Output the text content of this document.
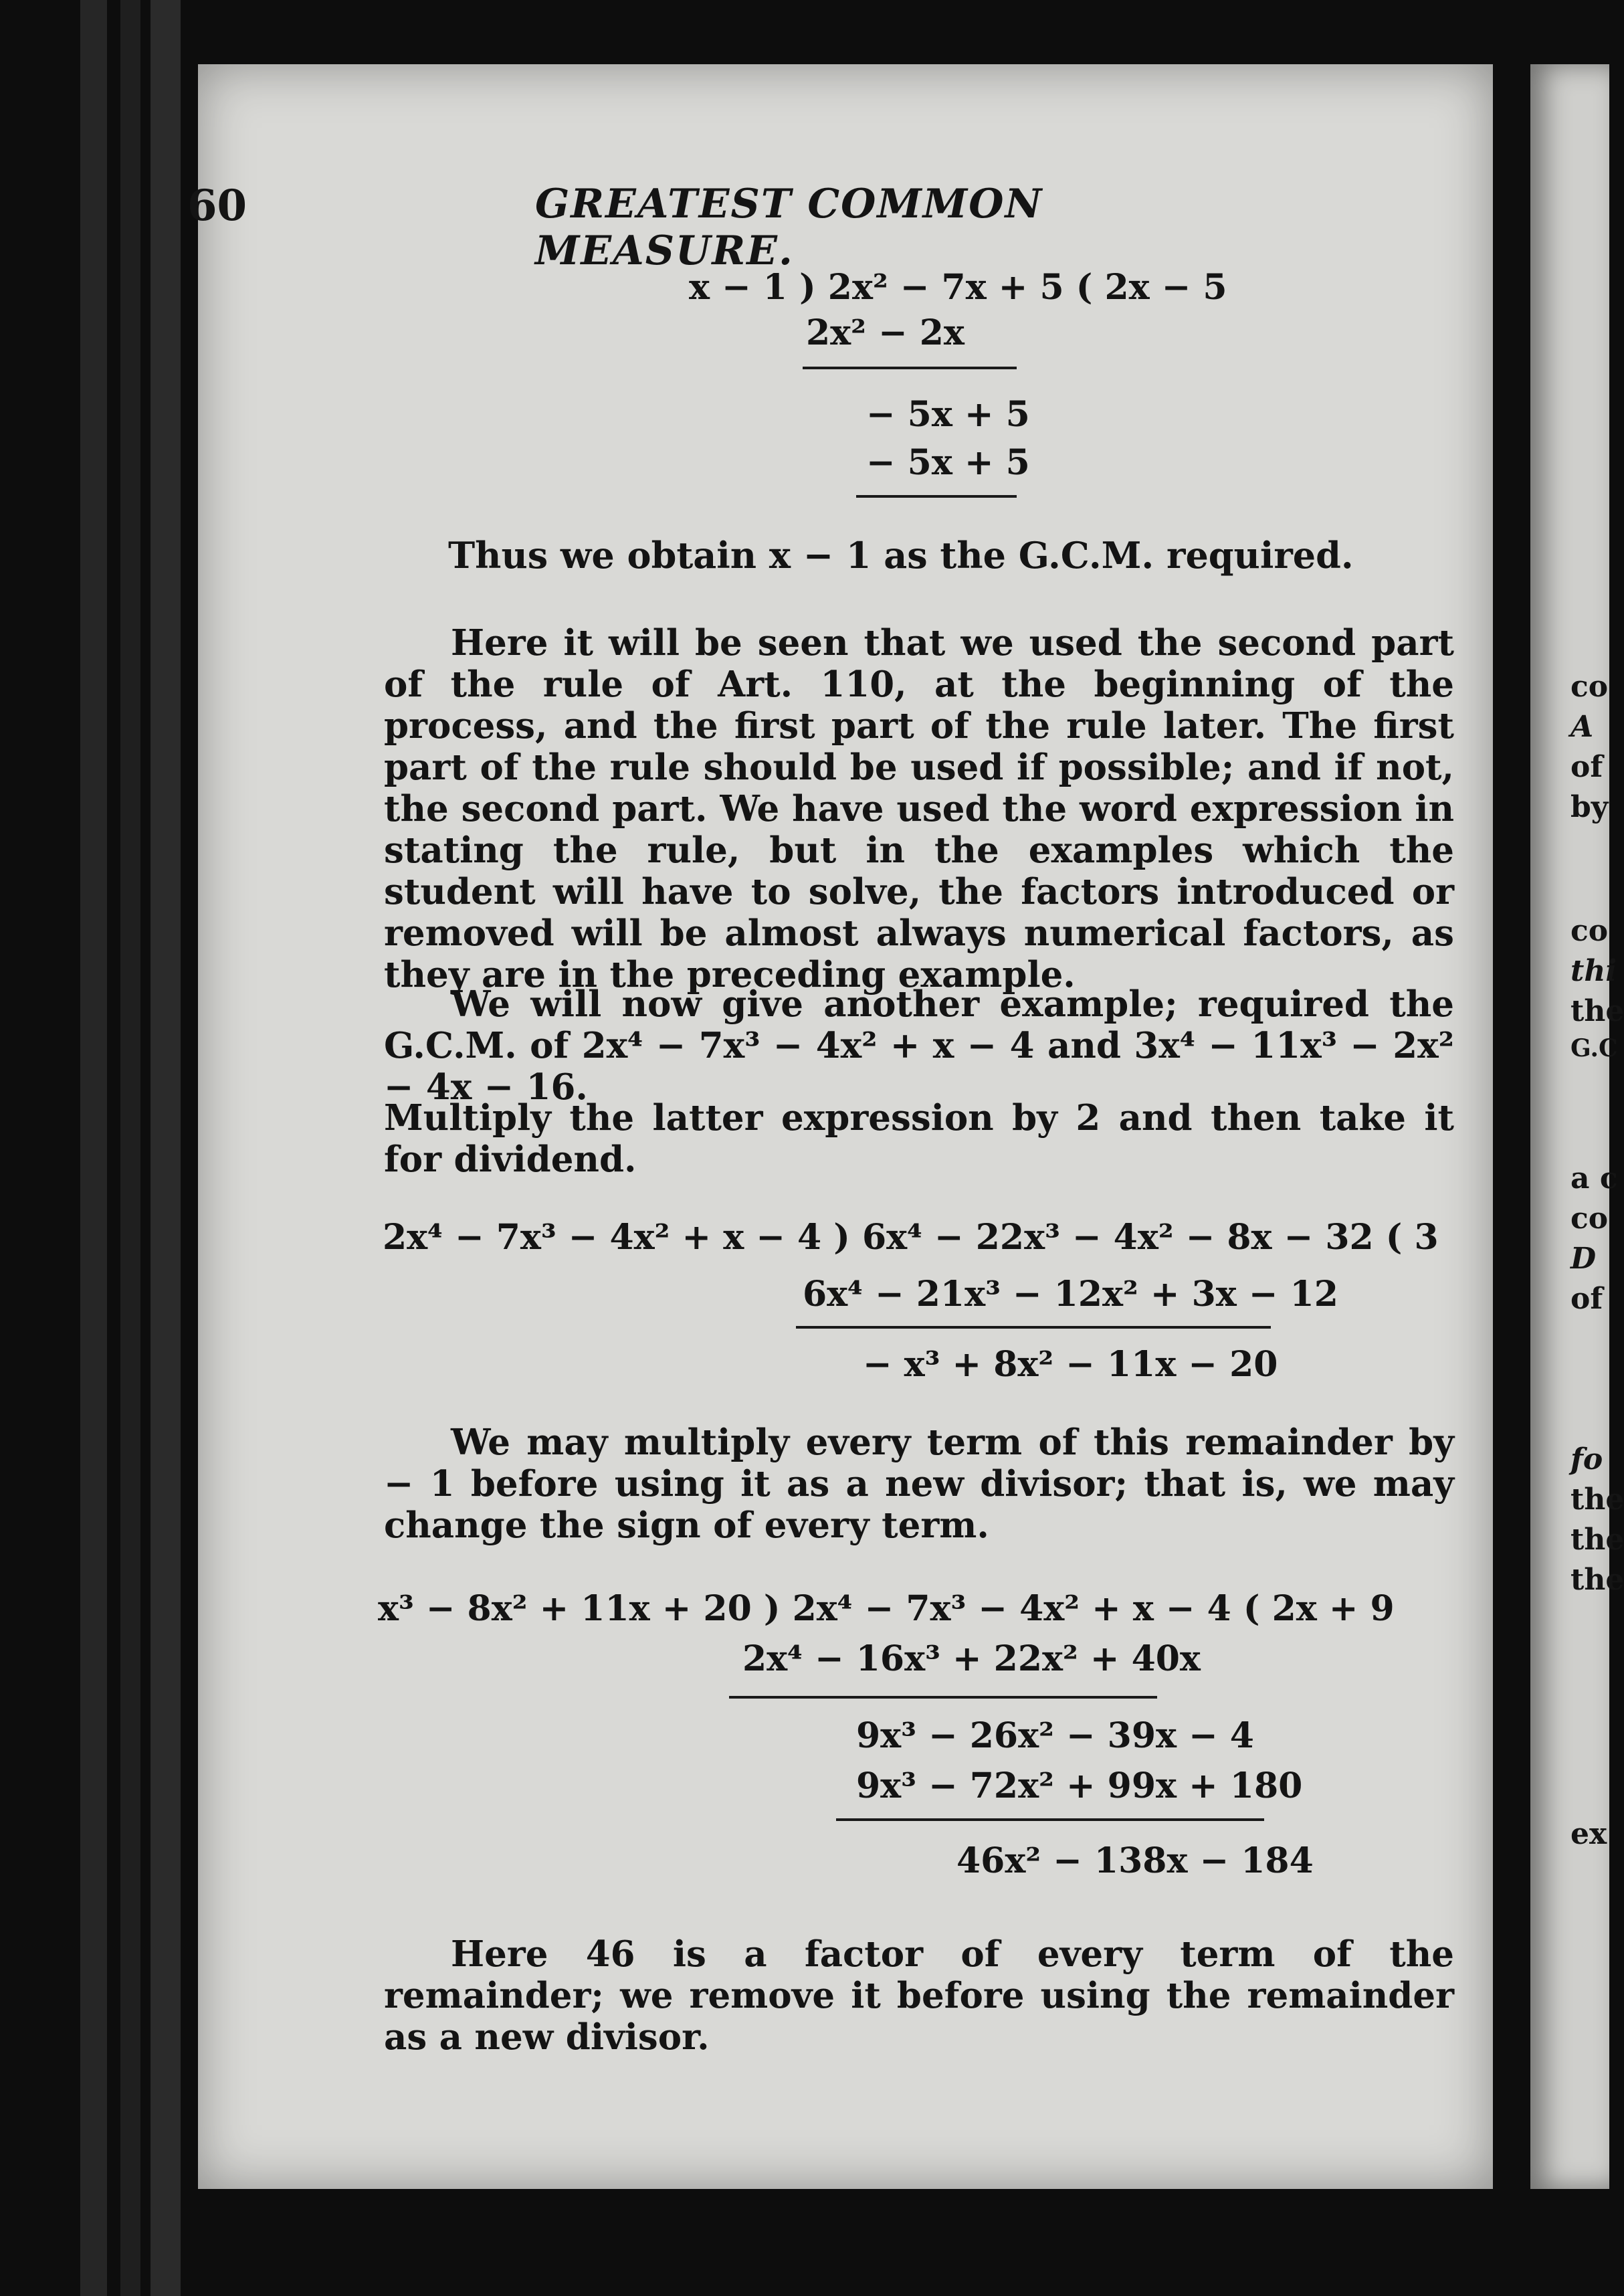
co
A
of
by
co
thi
the
G.C
a c
co
D
of
fo
the
the
the
ex
60	GREATEST COMMON MEASURE.
x − 1 ) 2x² − 7x + 5 ( 2x − 5
2x² − 2x
− 5x + 5
− 5x + 5
Thus we obtain x − 1 as the G.C.M. required.
Here it will be seen that we used the second part of the rule of Art. 110, at the beginning of the process, and the first part of the rule later. The first part of the rule should be used if possible; and if not, the second part. We have used the word expression in stating the rule, but in the examples which the student will have to solve, the factors introduced or removed will be almost always numerical factors, as they are in the preceding example.
We will now give another example; required the G.C.M. of 2x⁴ − 7x³ − 4x² + x − 4 and 3x⁴ − 11x³ − 2x² − 4x − 16.
Multiply the latter expression by 2 and then take it for dividend.
2x⁴ − 7x³ − 4x² + x − 4 ) 6x⁴ − 22x³ − 4x² − 8x − 32 ( 3
6x⁴ − 21x³ − 12x² + 3x − 12
− x³ + 8x² − 11x − 20
We may multiply every term of this remainder by − 1 before using it as a new divisor; that is, we may change the sign of every term.
x³ − 8x² + 11x + 20 ) 2x⁴ − 7x³ − 4x² + x − 4 ( 2x + 9
2x⁴ − 16x³ + 22x² + 40x
9x³ − 26x² − 39x − 4
9x³ − 72x² + 99x + 180
46x² − 138x − 184
Here 46 is a factor of every term of the remainder; we remove it before using the remainder as a new divisor.
